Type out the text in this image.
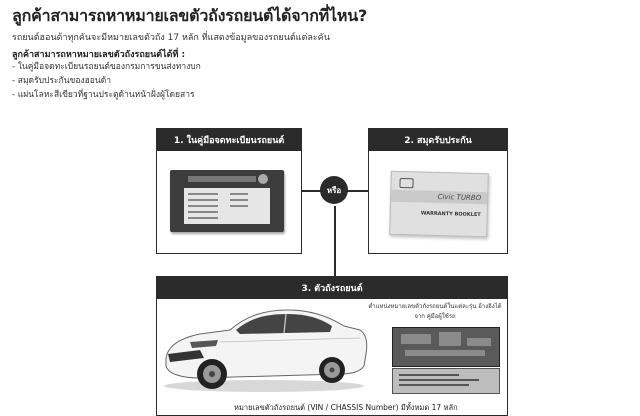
ลูกค้าสามารถหาหมายเลขตัวถังรถยนต์ได้จากที่ไหน?
รถยนต์ฮอนด้าทุกคันจะมีหมายเลขตัวถัง 17 หลัก ที่แสดงข้อมูลของรถยนต์แต่ละคัน
ลูกค้าสามารถหาหมายเลขตัวถังรถยนต์ได้ที่ :
- ในคู่มือจดทะเบียนรถยนต์ของกรมการขนส่งทางบก
- สมุดรับประกันของฮอนด้า
- แผ่นโลหะสีเขียวที่ฐานประตูด้านหน้าฝั่งผู้โดยสาร
1. ในคู่มือจดทะเบียนรถยนต์	2. สมุดรับประกัน
Civic TURBO
WARRANTY BOOKLET
หรือ
3. ตัวถังรถยนต์
ตำแหน่งหมายเลขตัวถังรถยนต์ในแต่ละรุ่น อ้างอิงได้จาก คู่มือผู้ใช้รถ
หมายเลขตัวถังรถยนต์ (VIN / CHASSIS Number) มีทั้งหมด 17 หลัก
